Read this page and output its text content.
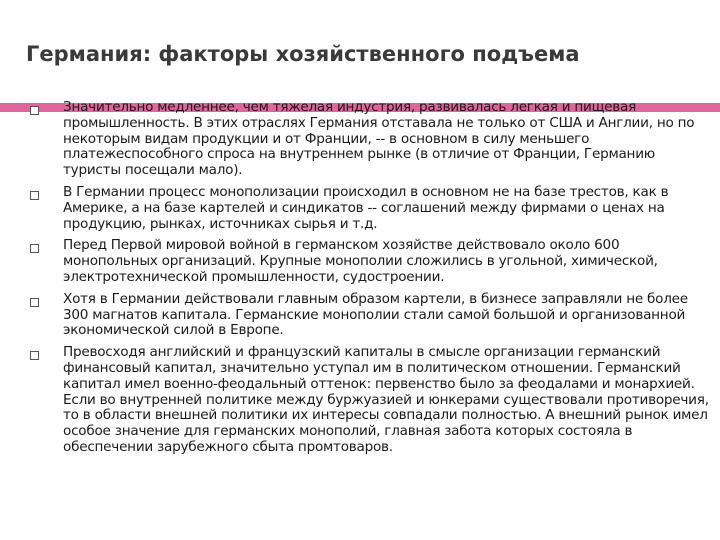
Германия: факторы хозяйственного подъема
Значительно медленнее, чем тяжелая индустрия, развивалась легкая и пищевая промышленность. В этих отраслях Германия отставала не только от США и Англии, но по некоторым видам продукции и от Франции, -- в основном в силу меньшего платежеспособного спроса на внутреннем рынке (в отличие от Франции, Германию туристы посещали мало).
В Германии процесс монополизации происходил в основном не на базе трестов, как в Америке, а на базе картелей и синдикатов -- соглашений между фирмами о ценах на продукцию, рынках, источниках сырья и т.д.
Перед Первой мировой войной в германском хозяйстве действовало около 600 монопольных организаций. Крупные монополии сложились в угольной, химической, электротехнической промышленности, судостроении.
Хотя в Германии действовали главным образом картели, в бизнесе заправляли не более 300 магнатов капитала. Германские монополии стали самой большой и организованной экономической силой в Европе.
Превосходя английский и французский капиталы в смысле организации германский финансовый капитал, значительно уступал им в политическом отношении. Германский капитал имел военно-феодальный оттенок: первенство было за феодалами и монархией. Если во внутренней политике между буржуазией и юнкерами существовали противоречия, то в области внешней политики их интересы совпадали полностью. А внешний рынок имел особое значение для германских монополий, главная забота которых состояла в обеспечении зарубежного сбыта промтоваров.
